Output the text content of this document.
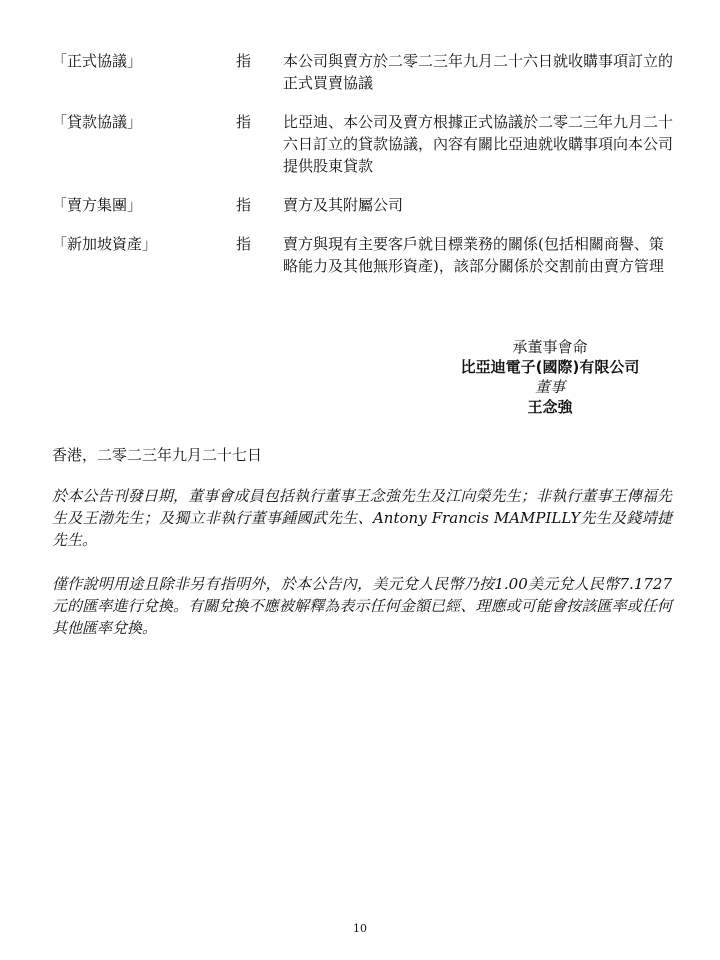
「正式協議」	指 本公司與賣方於二零二三年九月二十六日就收購事項訂立的正式買賣協議
「貸款協議」	指 比亞迪、本公司及賣方根據正式協議於二零二三年九月二十六日訂立的貸款協議，內容有關比亞迪就收購事項向本公司提供股東貸款
「賣方集團」	指 賣方及其附屬公司
「新加坡資產」	指 賣方與現有主要客戶就目標業務的關係(包括相關商譽、策略能力及其他無形資產)，該部分關係於交割前由賣方管理
承董事會命
比亞迪電子(國際)有限公司
董事
王念強
香港，二零二三年九月二十七日
於本公告刊發日期，董事會成員包括執行董事王念強先生及江向榮先生；非執行董事王傳福先生及王渤先生；及獨立非執行董事鍾國武先生、Antony Francis MAMPILLY先生及錢靖捷先生。
僅作說明用途且除非另有指明外，於本公告內，美元兌人民幣乃按1.00美元兌人民幣7.1727元的匯率進行兌換。有關兌換不應被解釋為表示任何金額已經、理應或可能會按該匯率或任何其他匯率兌換。
10
